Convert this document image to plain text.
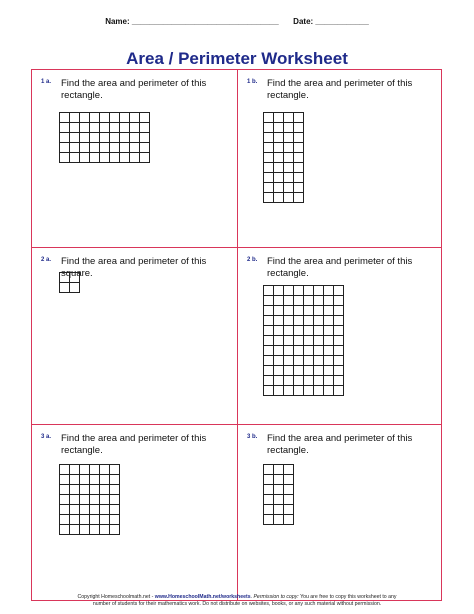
Name: _________________________________ Date: ____________
Area / Perimeter Worksheet
1 a. Find the area and perimeter of this rectangle.
1 b. Find the area and perimeter of this rectangle.
2 a. Find the area and perimeter of this square.
2 b. Find the area and perimeter of this rectangle.
3 a. Find the area and perimeter of this rectangle.
3 b. Find the area and perimeter of this rectangle.
Copyright Homeschoolmath.net - www.HomeschoolMath.net/worksheets. Permission to copy: You are free to copy this worksheet to any
number of students for their mathematics work. Do not distribute on websites, books, or any such material without permission.
